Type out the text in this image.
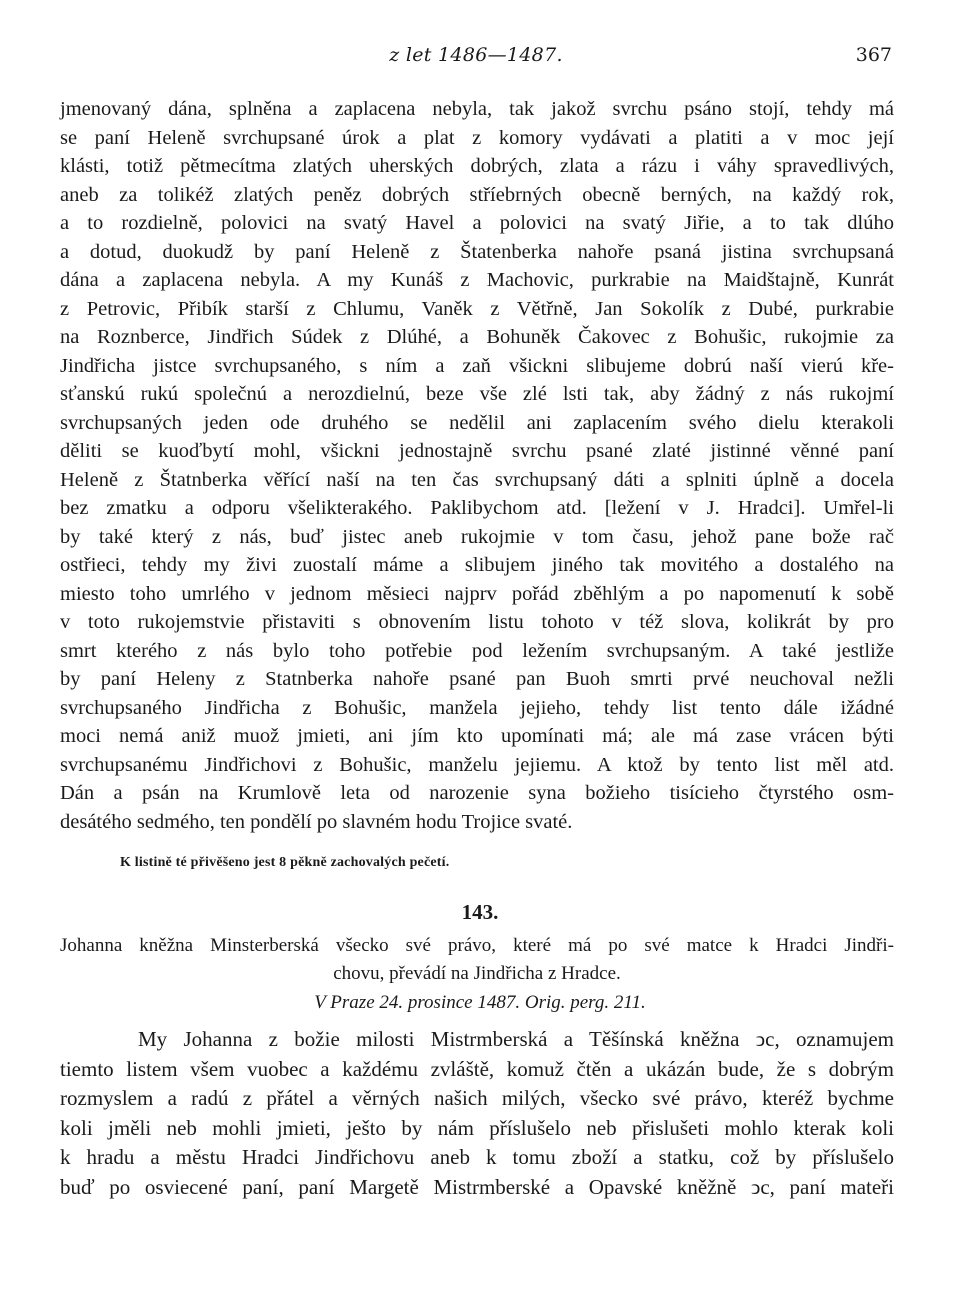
z let 1486—1487.	367
jmenovaný dána, splněna a zaplacena nebyla, tak jakož svrchu psáno stojí, tehdy má
se paní Heleně svrchupsané úrok a plat z komory vydávati a platiti a v moc její
klásti, totiž pětmecítma zlatých uherských dobrých, zlata a rázu i váhy spravedlivých,
aneb za tolikéž zlatých peněz dobrých stříebrných obecně berných, na každý rok,
a to rozdielně, polovici na svatý Havel a polovici na svatý Jiřie, a to tak dlúho
a dotud, duokudž by paní Heleně z Štatenberka nahoře psaná jistina svrchupsaná
dána a zaplacena nebyla. A my Kunáš z Machovic, purkrabie na Maidštajně, Kunrát
z Petrovic, Přibík starší z Chlumu, Vaněk z Větřně, Jan Sokolík z Dubé, purkrabie
na Roznberce, Jindřich Súdek z Dlúhé, a Bohuněk Čakovec z Bohušic, rukojmie za
Jindřicha jistce svrchupsaného, s ním a zaň všickni slibujeme dobrú naší vierú kře-
sťanskú rukú společnú a nerozdielnú, beze vše zlé lsti tak, aby žádný z nás rukojmí
svrchupsaných jeden ode druhého se nedělil ani zaplacením svého dielu kterakoli
děliti se kuoďbytí mohl, všickni jednostajně svrchu psané zlaté jistinné věnné paní
Heleně z Štatnberka věřící naší na ten čas svrchupsaný dáti a splniti úplně a docela
bez zmatku a odporu všelikterakého. Paklibychom atd. [ležení v J. Hradci]. Umřel-li
by také který z nás, buď jistec aneb rukojmie v tom času, jehož pane bože rač
ostřieci, tehdy my živi zuostalí máme a slibujem jiného tak movitého a dostalého na
miesto toho umrlého v jednom měsieci najprv pořád zběhlým a po napomenutí k sobě
v toto rukojemstvie přistaviti s obnovením listu tohoto v též slova, kolikrát by pro
smrt kterého z nás bylo toho potřebie pod ležením svrchupsaným. A také jestliže
by paní Heleny z Statnberka nahoře psané pan Buoh smrti prvé neuchoval nežli
svrchupsaného Jindřicha z Bohušic, manžela jejieho, tehdy list tento dále ižádné
moci nemá aniž muož jmieti, ani jím kto upomínati má; ale má zase vrácen býti
svrchupsanému Jindřichovi z Bohušic, manželu jejiemu. A ktož by tento list měl atd.
Dán a psán na Krumlově leta od narozenie syna božieho tisícieho čtyrstého osm-
desátého sedmého, ten pondělí po slavném hodu Trojice svaté.
K listině té přivěšeno jest 8 pěkně zachovalých pečetí.
143.
Johanna kněžna Minsterberská všecko své právo, které má po své matce k Hradci Jindři-
chovu, převádí na Jindřicha z Hradce.
V Praze 24. prosince 1487. Orig. perg. 211.
My Johanna z božie milosti Mistrmberská a Těšínská kněžna ↄc, oznamujem
tiemto listem všem vuobec a každému zvláště, komuž čtěn a ukázán bude, že s dobrým
rozmyslem a radú z přátel a věrných našich milých, všecko své právo, kteréž bychme
koli jměli neb mohli jmieti, ješto by nám příslušelo neb přislušeti mohlo kterak koli
k hradu a městu Hradci Jindřichovu aneb k tomu zboží a statku, což by příslušelo
buď po osviecené paní, paní Margetě Mistrmberské a Opavské kněžně ↄc, paní mateři
